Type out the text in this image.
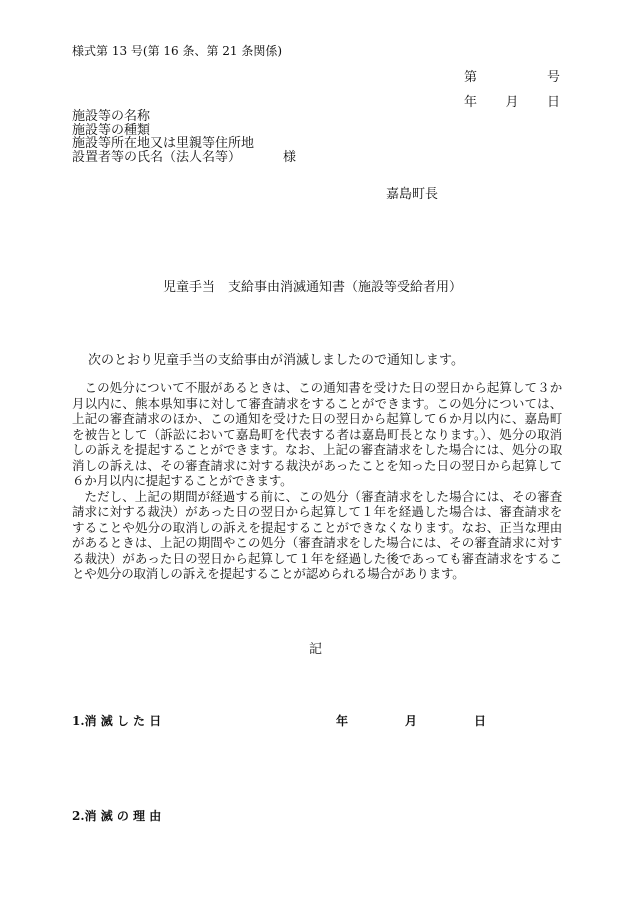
様式第 13 号(第 16 条、第 21 条関係)
第	号
年 月 日
施設等の名称
施設等の種類
施設等所在地又は里親等住所地
設置者等の氏名（法人名等）	様
嘉島町長
児童手当　支給事由消滅通知書（施設等受給者用）
次のとおり児童手当の支給事由が消滅しましたので通知します。

この処分について不服があるときは、この通知書を受けた日の翌日から起算して３か月以内に、熊本県知事に対して審査請求をすることができます。この処分については、上記の審査請求のほか、この通知を受けた日の翌日から起算して６か月以内に、嘉島町を被告として（訴訟において嘉島町を代表する者は嘉島町長となります。）、処分の取消しの訴えを提起することができます。なお、上記の審査請求をした場合には、処分の取消しの訴えは、その審査請求に対する裁決があったことを知った日の翌日から起算して６か月以内に提起することができます。

ただし、上記の期間が経過する前に、この処分（審査請求をした場合には、その審査請求に対する裁決）があった日の翌日から起算して１年を経過した場合は、審査請求をすることや処分の取消しの訴えを提起することができなくなります。なお、正当な理由があるときは、上記の期間やこの処分（審査請求をした場合には、その審査請求に対する裁決）があった日の翌日から起算して１年を経過した後であっても審査請求をすることや処分の取消しの訴えを提起することが認められる場合があります。

記
1.消 滅 し た 日	年	月	日
2.消 滅 の 理 由
